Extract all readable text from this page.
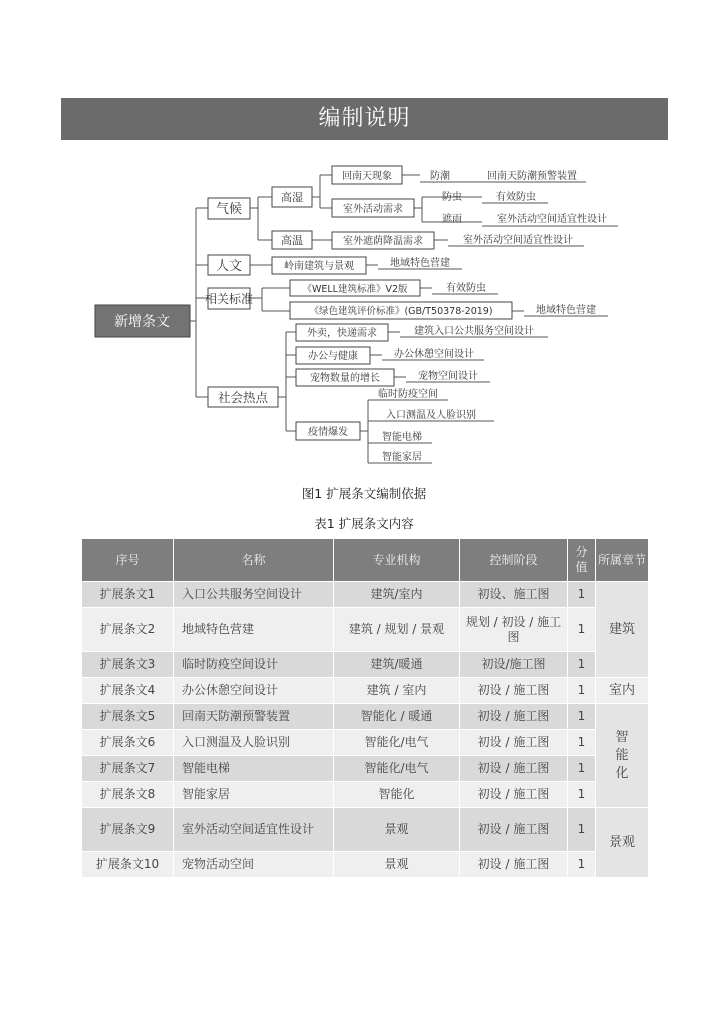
编制说明
新增条文
气候
人文
相关标准
社会热点
高湿
高温
回南天现象	防潮	回南天防潮预警装置
室外活动需求
防虫	有效防虫
遮雨	室外活动空间适宜性设计
室外遮荫降温需求	室外活动空间适宜性设计
岭南建筑与景观	地域特色营建
《WELL建筑标准》V2版	有效防虫
《绿色建筑评价标准》(GB/T50378-2019)	地域特色营建
外卖，快递需求	建筑入口公共服务空间设计
办公与健康	办公休憩空间设计
宠物数量的增长	宠物空间设计
疫情爆发
临时防疫空间
入口测温及人脸识别
智能电梯
智能家居
图1 扩展条文编制依据
表1 扩展条文内容
序号	名称	专业机构	控制阶段	分值	所属章节
扩展条文1	入口公共服务空间设计	建筑/室内	初设、施工图	1	建筑
扩展条文2	地域特色营建	建筑 / 规划 / 景观	规划 / 初设 / 施工图	1	
扩展条文3	临时防疫空间设计	建筑/暖通	初设/施工图	1	
扩展条文4	办公休憩空间设计	建筑 / 室内	初设 / 施工图	1	室内
扩展条文5	回南天防潮预警装置	智能化 / 暖通	初设 / 施工图	1	智能化
扩展条文6	入口测温及人脸识别	智能化/电气	初设 / 施工图	1	
扩展条文7	智能电梯	智能化/电气	初设 / 施工图	1	
扩展条文8	智能家居	智能化	初设 / 施工图	1	
扩展条文9	室外活动空间适宜性设计	景观	初设 / 施工图	1	景观
扩展条文10	宠物活动空间	景观	初设 / 施工图	1	
